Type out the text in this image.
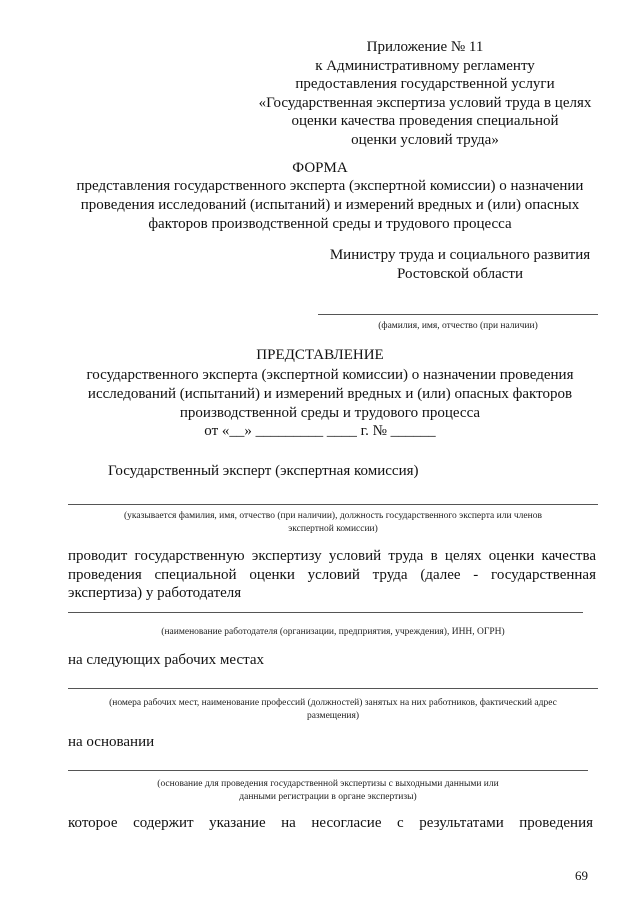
Приложение № 11
к Административному регламенту
предоставления государственной услуги
«Государственная экспертиза условий труда в целях
оценки качества проведения специальной
оценки условий труда»
ФОРМА
представления государственного эксперта (экспертной комиссии) о назначении
проведения исследований (испытаний) и измерений вредных и (или) опасных
факторов производственной среды и трудового процесса
Министру труда и социального развития
Ростовской области
(фамилия, имя, отчество (при наличии)
ПРЕДСТАВЛЕНИЕ
государственного эксперта (экспертной комиссии) о назначении проведения
исследований (испытаний) и измерений вредных и (или) опасных факторов
производственной среды и трудового процесса
от «__» _________ ____ г. № ______
Государственный эксперт (экспертная комиссия)
(указывается фамилия, имя, отчество (при наличии), должность государственного эксперта или членов
экспертной комиссии)
проводит государственную экспертизу условий труда в целях оценки качества
проведения специальной оценки условий труда (далее - государственная
экспертиза) у работодателя
(наименование работодателя (организации, предприятия, учреждения), ИНН, ОГРН)
на следующих рабочих местах
(номера рабочих мест, наименование профессий (должностей) занятых на них работников, фактический адрес
размещения)
на основании
(основание для проведения государственной экспертизы с выходными данными или
данными регистрации в органе экспертизы)
которое содержит указание на несогласие с результатами проведения
69
